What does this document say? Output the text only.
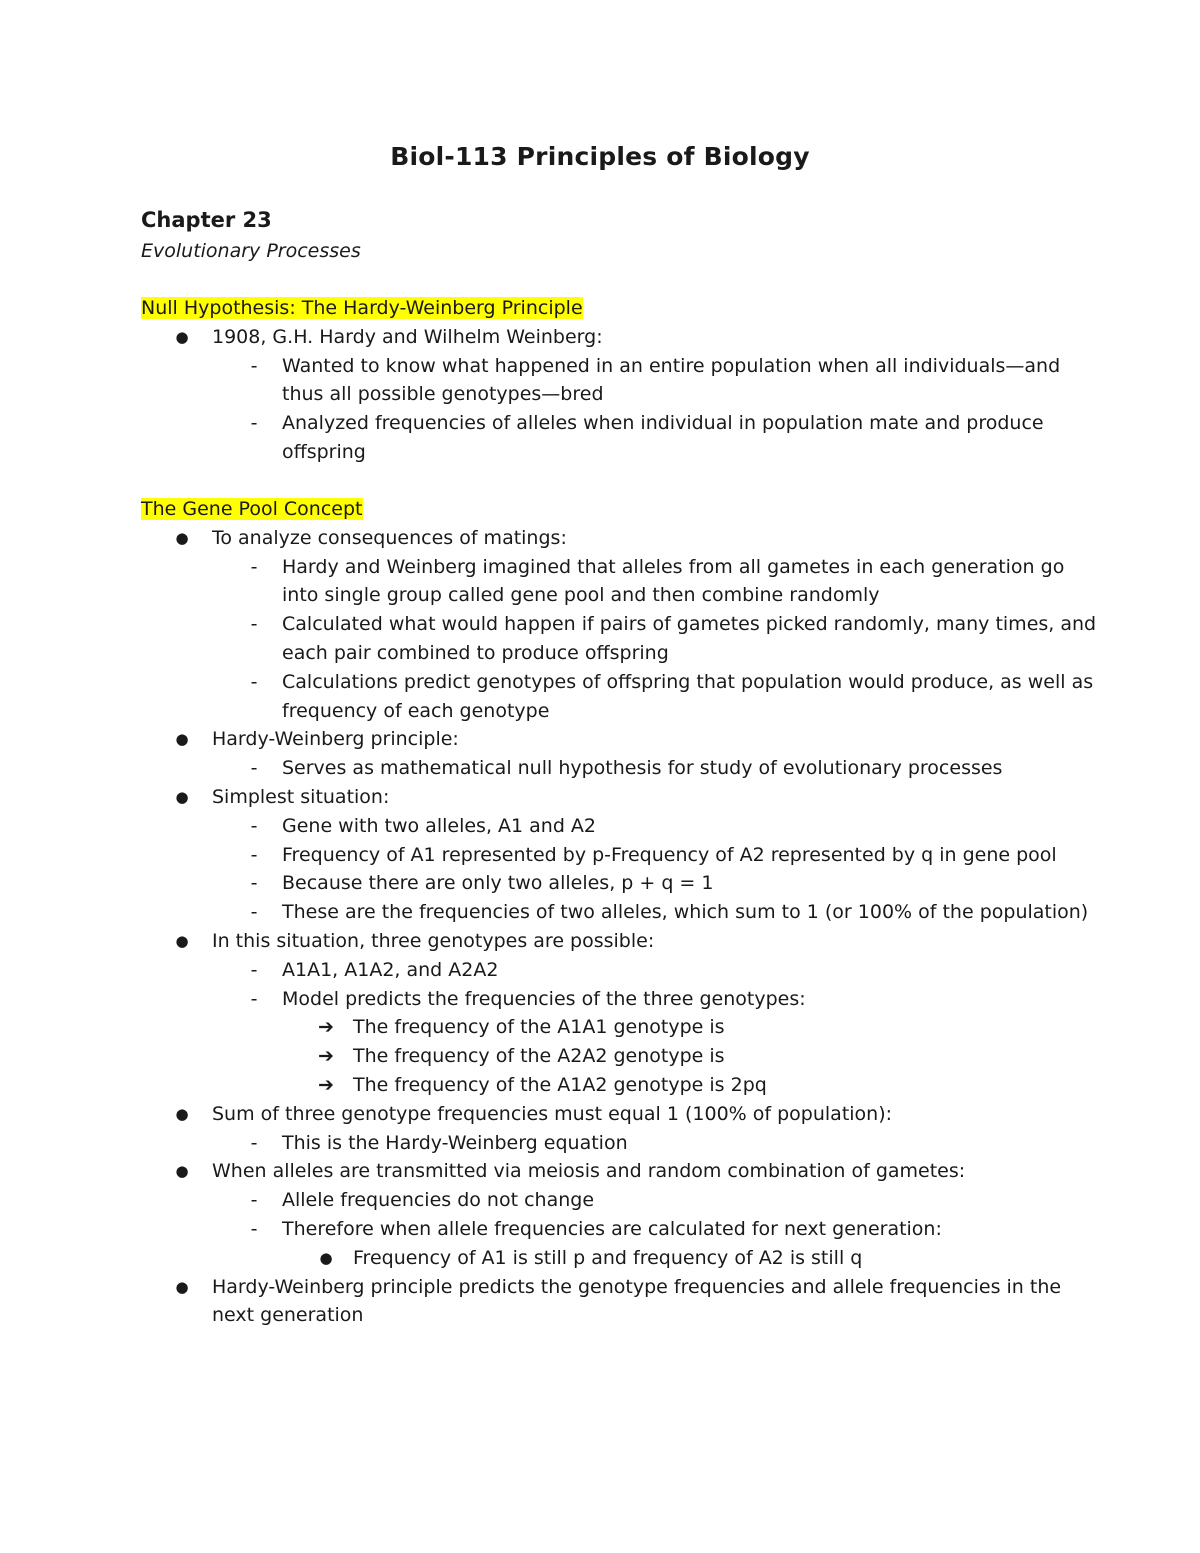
Biol-113 Principles of Biology
Chapter 23
Evolutionary Processes
Null Hypothesis: The Hardy-Weinberg Principle
● 1908, G.H. Hardy and Wilhelm Weinberg:
-	Wanted to know what happened in an entire population when all individuals—and thus all possible genotypes—bred
-	Analyzed frequencies of alleles when individual in population mate and produce offspring
The Gene Pool Concept
● To analyze consequences of matings:
-	Hardy and Weinberg imagined that alleles from all gametes in each generation go into single group called gene pool and then combine randomly
-	Calculated what would happen if pairs of gametes picked randomly, many times, and each pair combined to produce offspring
-	Calculations predict genotypes of offspring that population would produce, as well as frequency of each genotype
● Hardy-Weinberg principle:
-	Serves as mathematical null hypothesis for study of evolutionary processes
● Simplest situation:
-	Gene with two alleles, A1 and A2
-	Frequency of A1 represented by p-Frequency of A2 represented by q in gene pool
-	Because there are only two alleles, p + q = 1
-	These are the frequencies of two alleles, which sum to 1 (or 100% of the population)
● In this situation, three genotypes are possible:
-	A1A1, A1A2, and A2A2
-	Model predicts the frequencies of the three genotypes:
➔ The frequency of the A1A1 genotype is
➔ The frequency of the A2A2 genotype is
➔ The frequency of the A1A2 genotype is 2pq
● Sum of three genotype frequencies must equal 1 (100% of population):
-	This is the Hardy-Weinberg equation
● When alleles are transmitted via meiosis and random combination of gametes:
-	Allele frequencies do not change
-	Therefore when allele frequencies are calculated for next generation:
● Frequency of A1 is still p and frequency of A2 is still q
● Hardy-Weinberg principle predicts the genotype frequencies and allele frequencies in the next generation
